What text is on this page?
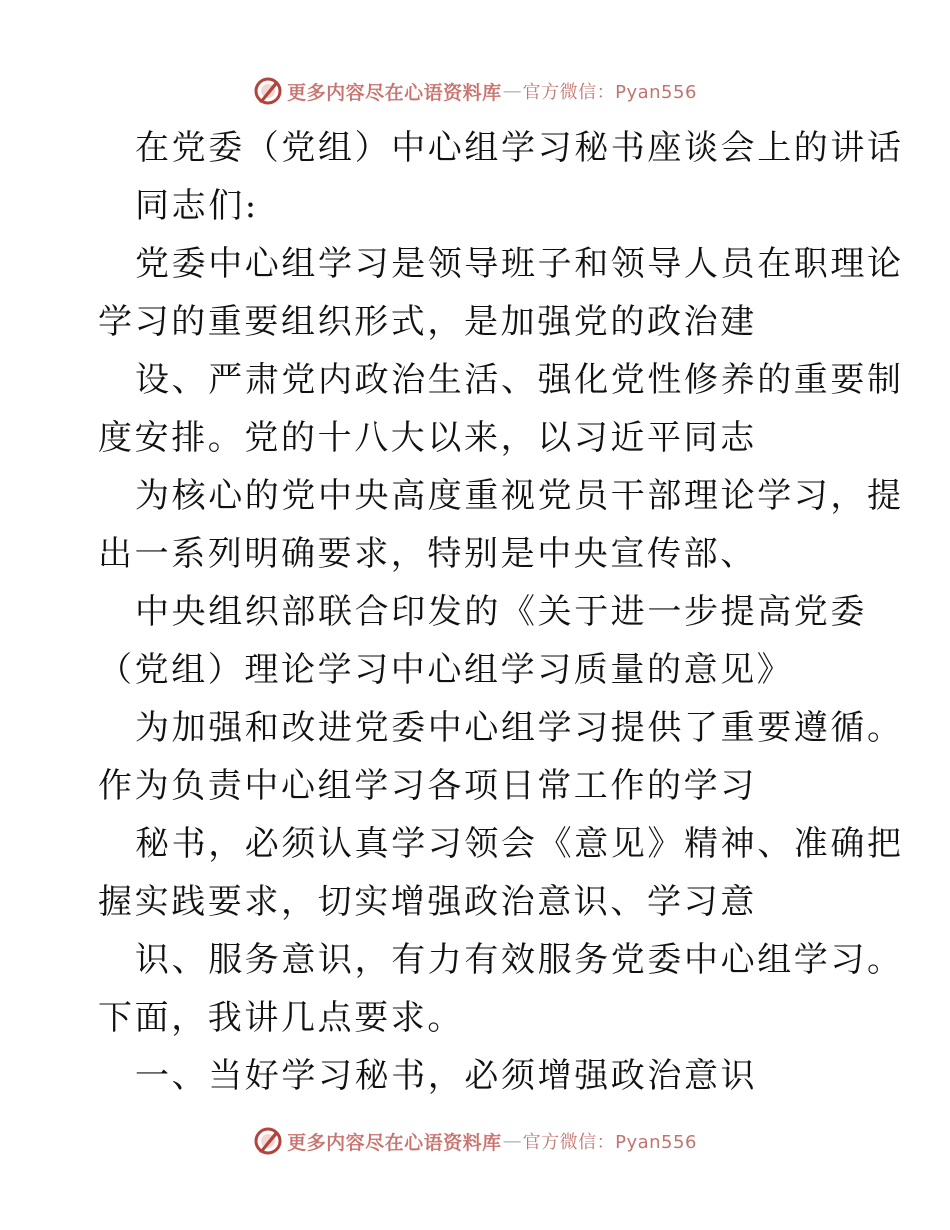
更多内容尽在心语资料库 — 官方微信：Pyan556
在党委（党组）中心组学习秘书座谈会上的讲话
同志们:
党委中心组学习是领导班子和领导人员在职理论
学习的重要组织形式，是加强党的政治建
设、严肃党内政治生活、强化党性修养的重要制
度安排。党的十八大以来，以习近平同志
为核心的党中央高度重视党员干部理论学习，提
出一系列明确要求，特别是中央宣传部、
中央组织部联合印发的《关于进一步提高党委
（党组）理论学习中心组学习质量的意见》
为加强和改进党委中心组学习提供了重要遵循。
作为负责中心组学习各项日常工作的学习
秘书，必须认真学习领会《意见》精神、准确把
握实践要求，切实增强政治意识、学习意
识、服务意识，有力有效服务党委中心组学习。
下面，我讲几点要求。
一、当好学习秘书，必须增强政治意识
更多内容尽在心语资料库 — 官方微信：Pyan556
